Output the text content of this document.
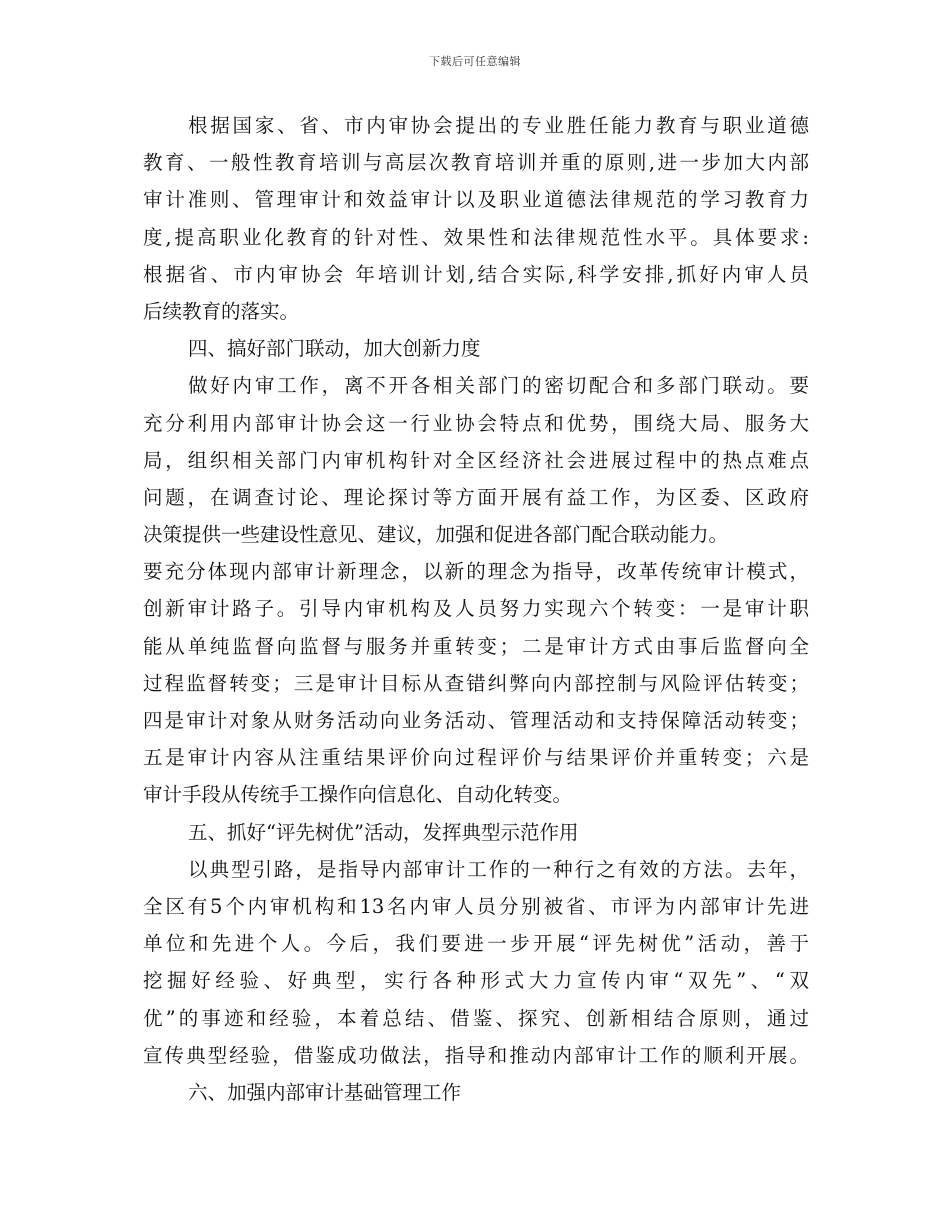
下载后可任意编辑
根据国家、省、市内审协会提出的专业胜任能力教育与职业道德
教育、一般性教育培训与高层次教育培训并重的原则,进一步加大内部
审计准则、管理审计和效益审计以及职业道德法律规范的学习教育力
度,提高职业化教育的针对性、效果性和法律规范性水平。具体要求:
根据省、市内审协会 年培训计划,结合实际,科学安排,抓好内审人员
后续教育的落实。
四、搞好部门联动，加大创新力度
做好内审工作，离不开各相关部门的密切配合和多部门联动。要
充分利用内部审计协会这一行业协会特点和优势，围绕大局、服务大
局，组织相关部门内审机构针对全区经济社会进展过程中的热点难点
问题，在调查讨论、理论探讨等方面开展有益工作，为区委、区政府
决策提供一些建设性意见、建议，加强和促进各部门配合联动能力。
要充分体现内部审计新理念，以新的理念为指导，改革传统审计模式，
创新审计路子。引导内审机构及人员努力实现六个转变：一是审计职
能从单纯监督向监督与服务并重转变；二是审计方式由事后监督向全
过程监督转变；三是审计目标从查错纠弊向内部控制与风险评估转变；
四是审计对象从财务活动向业务活动、管理活动和支持保障活动转变；
五是审计内容从注重结果评价向过程评价与结果评价并重转变；六是
审计手段从传统手工操作向信息化、自动化转变。
五、抓好“评先树优”活动，发挥典型示范作用
以典型引路，是指导内部审计工作的一种行之有效的方法。去年，
全区有5个内审机构和13名内审人员分别被省、市评为内部审计先进
单位和先进个人。今后，我们要进一步开展“评先树优”活动，善于
挖掘好经验、好典型，实行各种形式大力宣传内审“双先”、“双
优”的事迹和经验，本着总结、借鉴、探究、创新相结合原则，通过
宣传典型经验，借鉴成功做法，指导和推动内部审计工作的顺利开展。
六、加强内部审计基础管理工作
